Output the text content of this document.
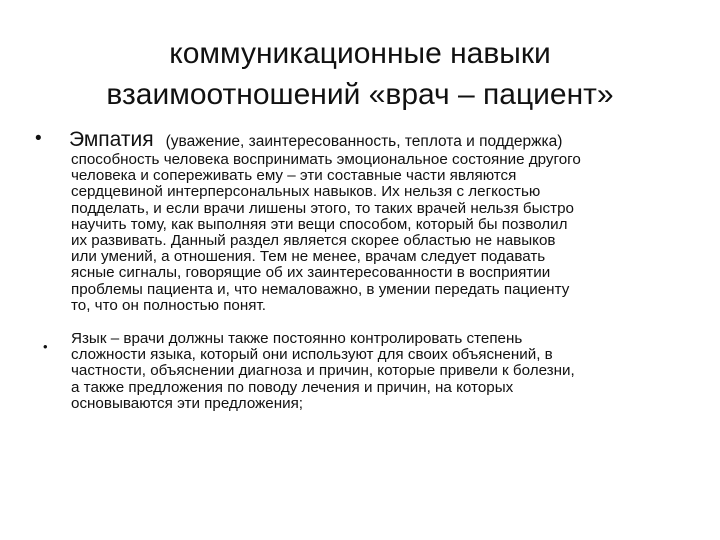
коммуникационные навыки
взаимоотношений «врач – пациент»
• Эмпатия (уважение, заинтересованность, теплота и поддержка)
способность человека воспринимать эмоциональное состояние другого
человека и сопереживать ему – эти составные части являются
сердцевиной интерперсональных навыков. Их нельзя с легкостью
подделать, и если врачи лишены этого, то таких врачей нельзя быстро
научить тому, как выполняя эти вещи способом, который бы позволил
их развивать. Данный раздел является скорее областью не навыков
или умений, а отношения. Тем не менее, врачам следует подавать
ясные сигналы, говорящие об их заинтересованности в восприятии
проблемы пациента и, что немаловажно, в умении передать пациенту
то, что он полностью понят.
• Язык – врачи должны также постоянно контролировать степень
сложности языка, который они используют для своих объяснений, в
частности, объяснении диагноза и причин, которые привели к болезни,
а также предложения по поводу лечения и причин, на которых
основываются эти предложения;
